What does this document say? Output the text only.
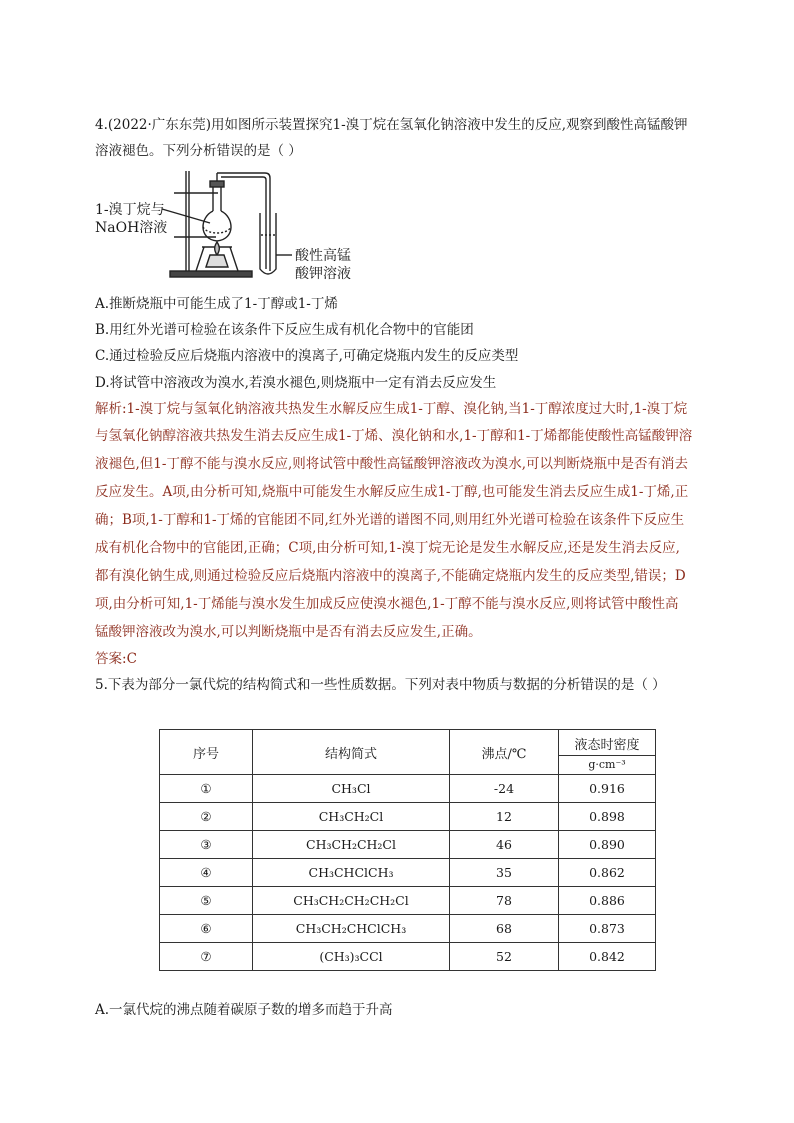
4.(2022·广东东莞)用如图所示装置探究1-溴丁烷在氢氧化钠溶液中发生的反应,观察到酸性高锰酸钾
溶液褪色。下列分析错误的是（ ）
1-溴丁烷与
NaOH溶液
酸性高锰
酸钾溶液
A.推断烧瓶中可能生成了1-丁醇或1-丁烯
B.用红外光谱可检验在该条件下反应生成有机化合物中的官能团
C.通过检验反应后烧瓶内溶液中的溴离子,可确定烧瓶内发生的反应类型
D.将试管中溶液改为溴水,若溴水褪色,则烧瓶中一定有消去反应发生
解析:1-溴丁烷与氢氧化钠溶液共热发生水解反应生成1-丁醇、溴化钠,当1-丁醇浓度过大时,1-溴丁烷
与氢氧化钠醇溶液共热发生消去反应生成1-丁烯、溴化钠和水,1-丁醇和1-丁烯都能使酸性高锰酸钾溶
液褪色,但1-丁醇不能与溴水反应,则将试管中酸性高锰酸钾溶液改为溴水,可以判断烧瓶中是否有消去
反应发生。A项,由分析可知,烧瓶中可能发生水解反应生成1-丁醇,也可能发生消去反应生成1-丁烯,正
确；B项,1-丁醇和1-丁烯的官能团不同,红外光谱的谱图不同,则用红外光谱可检验在该条件下反应生
成有机化合物中的官能团,正确；C项,由分析可知,1-溴丁烷无论是发生水解反应,还是发生消去反应,
都有溴化钠生成,则通过检验反应后烧瓶内溶液中的溴离子,不能确定烧瓶内发生的反应类型,错误；D
项,由分析可知,1-丁烯能与溴水发生加成反应使溴水褪色,1-丁醇不能与溴水反应,则将试管中酸性高
锰酸钾溶液改为溴水,可以判断烧瓶中是否有消去反应发生,正确。
答案:C
5.下表为部分一氯代烷的结构简式和一些性质数据。下列对表中物质与数据的分析错误的是（ ）
序号	结构简式	沸点/℃	液态时密度
g·cm⁻³

①	CH₃Cl	-24	0.916
②	CH₃CH₂Cl	12	0.898
③	CH₃CH₂CH₂Cl	46	0.890
④	CH₃CHClCH₃	35	0.862
⑤	CH₃CH₂CH₂CH₂Cl	78	0.886
⑥	CH₃CH₂CHClCH₃	68	0.873
⑦	(CH₃)₃CCl	52	0.842
A.一氯代烷的沸点随着碳原子数的增多而趋于升高
